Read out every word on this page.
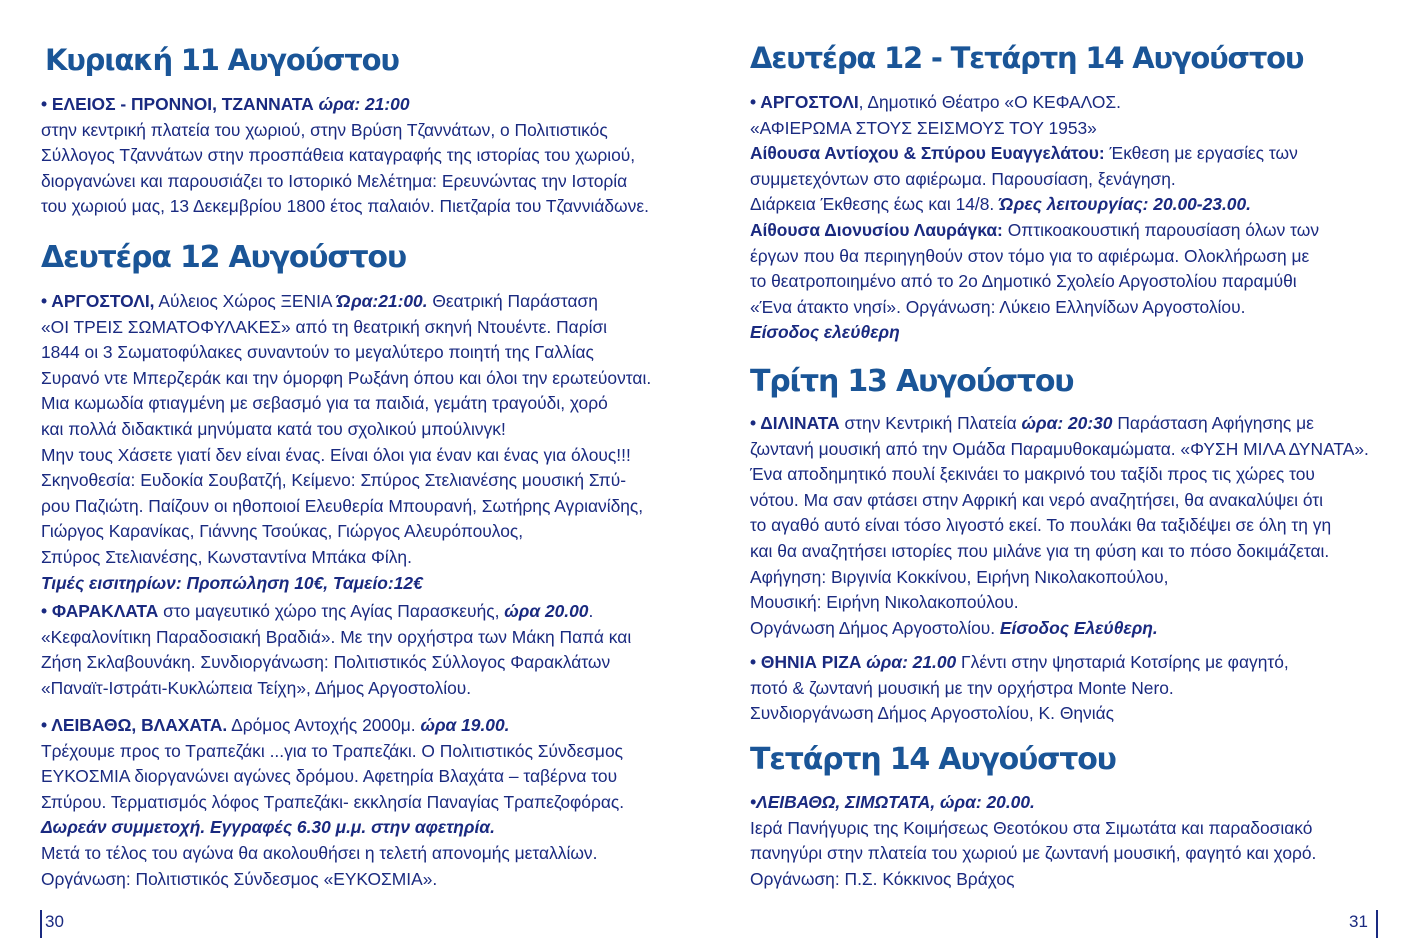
Κυριακή 11 Αυγούστου

• ΕΛΕΙΟΣ - ΠΡΟΝΝΟΙ, ΤΖΑΝΝΑΤΑ ώρα: 21:00
στην κεντρική πλατεία του χωριού, στην Βρύση Τζαννάτων, ο Πολιτιστικός
Σύλλογος Τζαννάτων στην προσπάθεια καταγραφής της ιστορίας του χωριού,
διοργανώνει και παρουσιάζει το Ιστορικό Μελέτημα: Ερευνώντας την Ιστορία
του χωριού μας, 13 Δεκεμβρίου 1800 έτος παλαιόν. Πιετζαρία του Τζαννιάδωνε.

Δευτέρα 12 Αυγούστου

• ΑΡΓΟΣΤΟΛΙ, Αύλειος Χώρος ΞΕΝΙΑ Ώρα:21:00. Θεατρική Παράσταση
«ΟΙ ΤΡΕΙΣ ΣΩΜΑΤΟΦΥΛΑΚΕΣ» από τη θεατρική σκηνή Ντουέντε. Παρίσι
1844 οι 3 Σωματοφύλακες συναντούν το μεγαλύτερο ποιητή της Γαλλίας
Συρανό ντε Μπερζεράκ και την όμορφη Ρωξάνη όπου και όλοι την ερωτεύονται.
Μια κωμωδία φτιαγμένη με σεβασμό για τα παιδιά, γεμάτη τραγούδι, χορό
και πολλά διδακτικά μηνύματα κατά του σχολικού μπούλινγκ!
Μην τους Χάσετε γιατί δεν είναι ένας. Είναι όλοι για έναν και ένας για όλους!!!
Σκηνοθεσία: Ευδοκία Σουβατζή, Κείμενο: Σπύρος Στελιανέσης μουσική Σπύ-
ρου Παζιώτη. Παίζουν οι ηθοποιοί Ελευθερία Μπουρανή, Σωτήρης Αγριανίδης,
Γιώργος Καρανίκας, Γιάννης Τσούκας, Γιώργος Αλευρόπουλος,
Σπύρος Στελιανέσης, Κωνσταντίνα Μπάκα Φίλη.
Τιμές εισιτηρίων: Προπώληση 10€, Ταμείο:12€

• ΦΑΡΑΚΛΑΤΑ στο μαγευτικό χώρο της Αγίας Παρασκευής, ώρα 20.00.
«Κεφαλονίτικη Παραδοσιακή Βραδιά». Με την ορχήστρα των Μάκη Παπά και
Ζήση Σκλαβουνάκη. Συνδιοργάνωση: Πολιτιστικός Σύλλογος Φαρακλάτων
«Παναϊτ-Ιστράτι-Κυκλώπεια Τείχη», Δήμος Αργοστολίου.

• ΛΕΙΒΑΘΩ, ΒΛΑΧΑΤΑ. Δρόμος Αντοχής 2000μ. ώρα 19.00.
Τρέχουμε προς το Τραπεζάκι ...για το Τραπεζάκι. Ο Πολιτιστικός Σύνδεσμος
ΕΥΚΟΣΜΙΑ διοργανώνει αγώνες δρόμου. Αφετηρία Βλαχάτα – ταβέρνα του
Σπύρου. Τερματισμός λόφος Τραπεζάκι- εκκλησία Παναγίας Τραπεζοφόρας.
Δωρεάν συμμετοχή. Εγγραφές 6.30 μ.μ. στην αφετηρία.
Μετά το τέλος του αγώνα θα ακολουθήσει η τελετή απονομής μεταλλίων.
Οργάνωση: Πολιτιστικός Σύνδεσμος «ΕΥΚΟΣΜΙΑ».

30
Δευτέρα 12 - Τετάρτη 14 Αυγούστου

• ΑΡΓΟΣΤΟΛΙ, Δημοτικό Θέατρο «Ο ΚΕΦΑΛΟΣ.
«ΑΦΙΕΡΩΜΑ ΣΤΟΥΣ ΣΕΙΣΜΟΥΣ ΤΟΥ 1953»
Αίθουσα Αντίοχου & Σπύρου Ευαγγελάτου: Έκθεση με εργασίες των
συμμετεχόντων στο αφιέρωμα. Παρουσίαση, ξενάγηση.
Διάρκεια Έκθεσης έως και 14/8. Ώρες λειτουργίας: 20.00-23.00.
Αίθουσα Διονυσίου Λαυράγκα: Οπτικοακουστική παρουσίαση όλων των
έργων που θα περιηγηθούν στον τόμο για το αφιέρωμα. Ολοκλήρωση με
το θεατροποιημένο από το 2ο Δημοτικό Σχολείο Αργοστολίου παραμύθι
«Ένα άτακτο νησί». Οργάνωση: Λύκειο Ελληνίδων Αργοστολίου.
Είσοδος ελεύθερη

Τρίτη 13 Αυγούστου

• ΔΙΛΙΝΑΤΑ στην Κεντρική Πλατεία ώρα: 20:30 Παράσταση Αφήγησης με
ζωντανή μουσική από την Ομάδα Παραμυθοκαμώματα. «ΦΥΣΗ ΜΙΛΑ ΔΥΝΑΤΑ».
Ένα αποδημητικό πουλί ξεκινάει το μακρινό του ταξίδι προς τις χώρες του
νότου. Μα σαν φτάσει στην Αφρική και νερό αναζητήσει, θα ανακαλύψει ότι
το αγαθό αυτό είναι τόσο λιγοστό εκεί. Το πουλάκι θα ταξιδέψει σε όλη τη γη
και θα αναζητήσει ιστορίες που μιλάνε για τη φύση και το πόσο δοκιμάζεται.
Αφήγηση: Βιργινία Κοκκίνου, Ειρήνη Νικολακοπούλου,
Μουσική: Ειρήνη Νικολακοπούλου.
Οργάνωση Δήμος Αργοστολίου. Είσοδος Ελεύθερη.

• ΘΗΝΙΑ ΡΙΖΑ ώρα: 21.00 Γλέντι στην ψησταριά Κοτσίρης με φαγητό,
ποτό & ζωντανή μουσική με την ορχήστρα Monte Nero.
Συνδιοργάνωση Δήμος Αργοστολίου, Κ. Θηνιάς

Τετάρτη 14 Αυγούστου

•ΛΕΙΒΑΘΩ, ΣΙΜΩΤΑΤΑ, ώρα: 20.00.
Ιερά Πανήγυρις της Κοιμήσεως Θεοτόκου στα Σιμωτάτα και παραδοσιακό
πανηγύρι στην πλατεία του χωριού με ζωντανή μουσική, φαγητό και χορό.
Οργάνωση: Π.Σ. Κόκκινος Βράχος

31
